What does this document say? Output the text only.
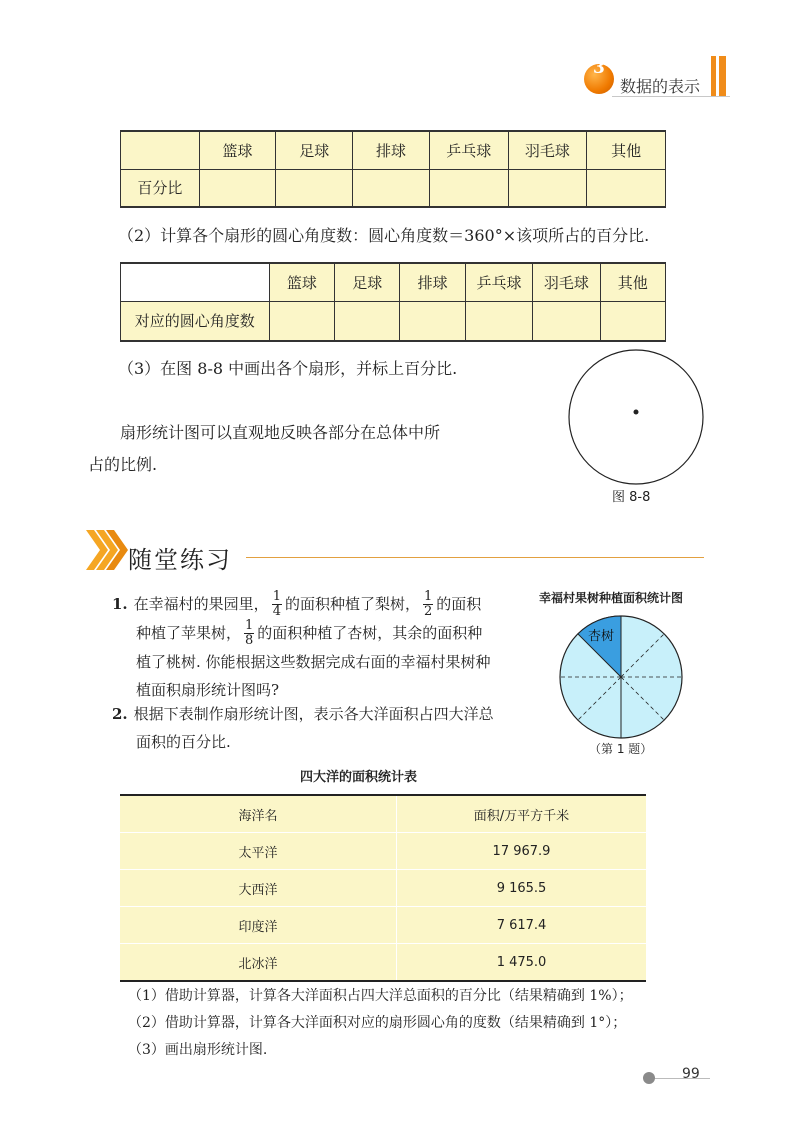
3
数据的表示
	篮球	足球	排球	乒乓球	羽毛球	其他
百分比						
（2）计算各个扇形的圆心角度数：圆心角度数＝360°×该项所占的百分比.
	篮球	足球	排球	乒乓球	羽毛球	其他
对应的圆心角度数						
（3）在图 8-8 中画出各个扇形，并标上百分比.
扇形统计图可以直观地反映各部分在总体中所
占的比例.
图 8-8
随堂练习
1. 在幸福村的果园里， $\frac{1}{4}$ 的面积种植了梨树， $\frac{1}{2}$ 的面积
种植了苹果树， $\frac{1}{8}$ 的面积种植了杏树，其余的面积种
植了桃树. 你能根据这些数据完成右面的幸福村果树种
植面积扇形统计图吗?
2. 根据下表制作扇形统计图，表示各大洋面积占四大洋总
面积的百分比.
幸福村果树种植面积统计图
杏树
（第 1 题）
四大洋的面积统计表
海洋名	面积/万平方千米
太平洋	17 967.9
大西洋	9 165.5
印度洋	7 617.4
北冰洋	1 475.0
（1）借助计算器，计算各大洋面积占四大洋总面积的百分比（结果精确到 1%）；
（2）借助计算器，计算各大洋面积对应的扇形圆心角的度数（结果精确到 1°）；
（3）画出扇形统计图.
99
